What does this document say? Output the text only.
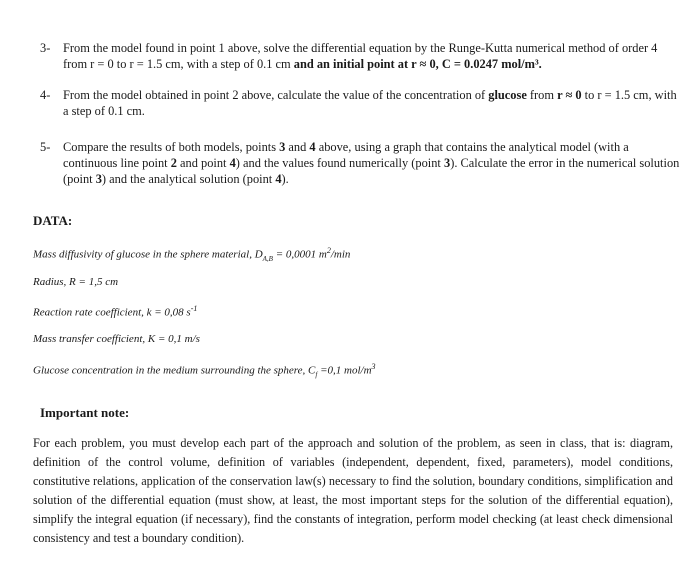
3- From the model found in point 1 above, solve the differential equation by the Runge-Kutta numerical method of order 4 from r = 0 to r = 1.5 cm, with a step of 0.1 cm and an initial point at r ≈ 0, C = 0.0247 mol/m³.
4- From the model obtained in point 2 above, calculate the value of the concentration of glucose from r ≈ 0 to r = 1.5 cm, with a step of 0.1 cm.
5- Compare the results of both models, points 3 and 4 above, using a graph that contains the analytical model (with a continuous line point 2 and point 4) and the values found numerically (point 3). Calculate the error in the numerical solution (point 3) and the analytical solution (point 4).
DATA:
Mass diffusivity of glucose in the sphere material, $D_{A,B} = 0,0001$ $m^2/\min$
Radius, R = 1,5 cm
Reaction rate coefficient, k = 0,08 $s^{-1}$
Mass transfer coefficient, K = 0,1 m/s
Glucose concentration in the medium surrounding the sphere, $C_f =0,1$ mol/$m^3$
Important note:
For each problem, you must develop each part of the approach and solution of the problem, as seen in class, that is: diagram, definition of the control volume, definition of variables (independent, dependent, fixed, parameters), model conditions, constitutive relations, application of the conservation law(s) necessary to find the solution, boundary conditions, simplification and solution of the differential equation (must show, at least, the most important steps for the solution of the differential equation), simplify the integral equation (if necessary), find the constants of integration, perform model checking (at least check dimensional consistency and test a boundary condition).
